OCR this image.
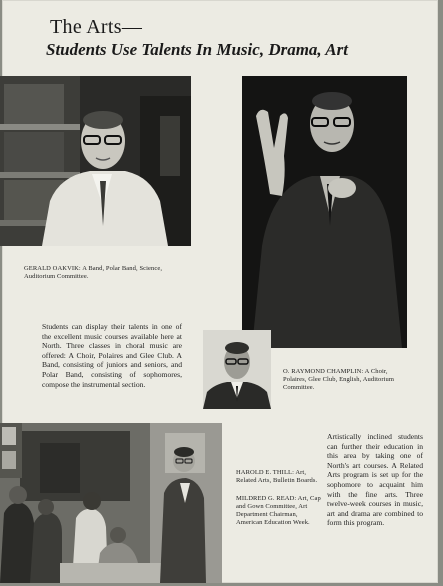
The Arts—
Students Use Talents In Music, Drama, Art
GERALD OAKVIK: A Band, Polar Band, Science, Auditorium Committee.
Students can display their talents in one of the excellent music courses available here at North. Three classes in choral music are offered: A Choir, Polaires and Glee Club. A Band, consisting of juniors and seniors, and Polar Band, consisting of sophomores, compose the instrumental section.
O. RAYMOND CHAMPLIN: A Choir, Polaires, Glee Club, English, Auditorium Committee.
HAROLD E. THILL: Art, Related Arts, Bulletin Boards.
MILDRED G. READ: Art, Cap and Gown Committee, Art Department Chairman, American Education Week.
Artistically inclined students can further their education in this area by taking one of North's art courses. A Related Arts program is set up for the sophomore to acquaint him with the fine arts. Three twelve-week courses in music, art and drama are combined to form this program.
